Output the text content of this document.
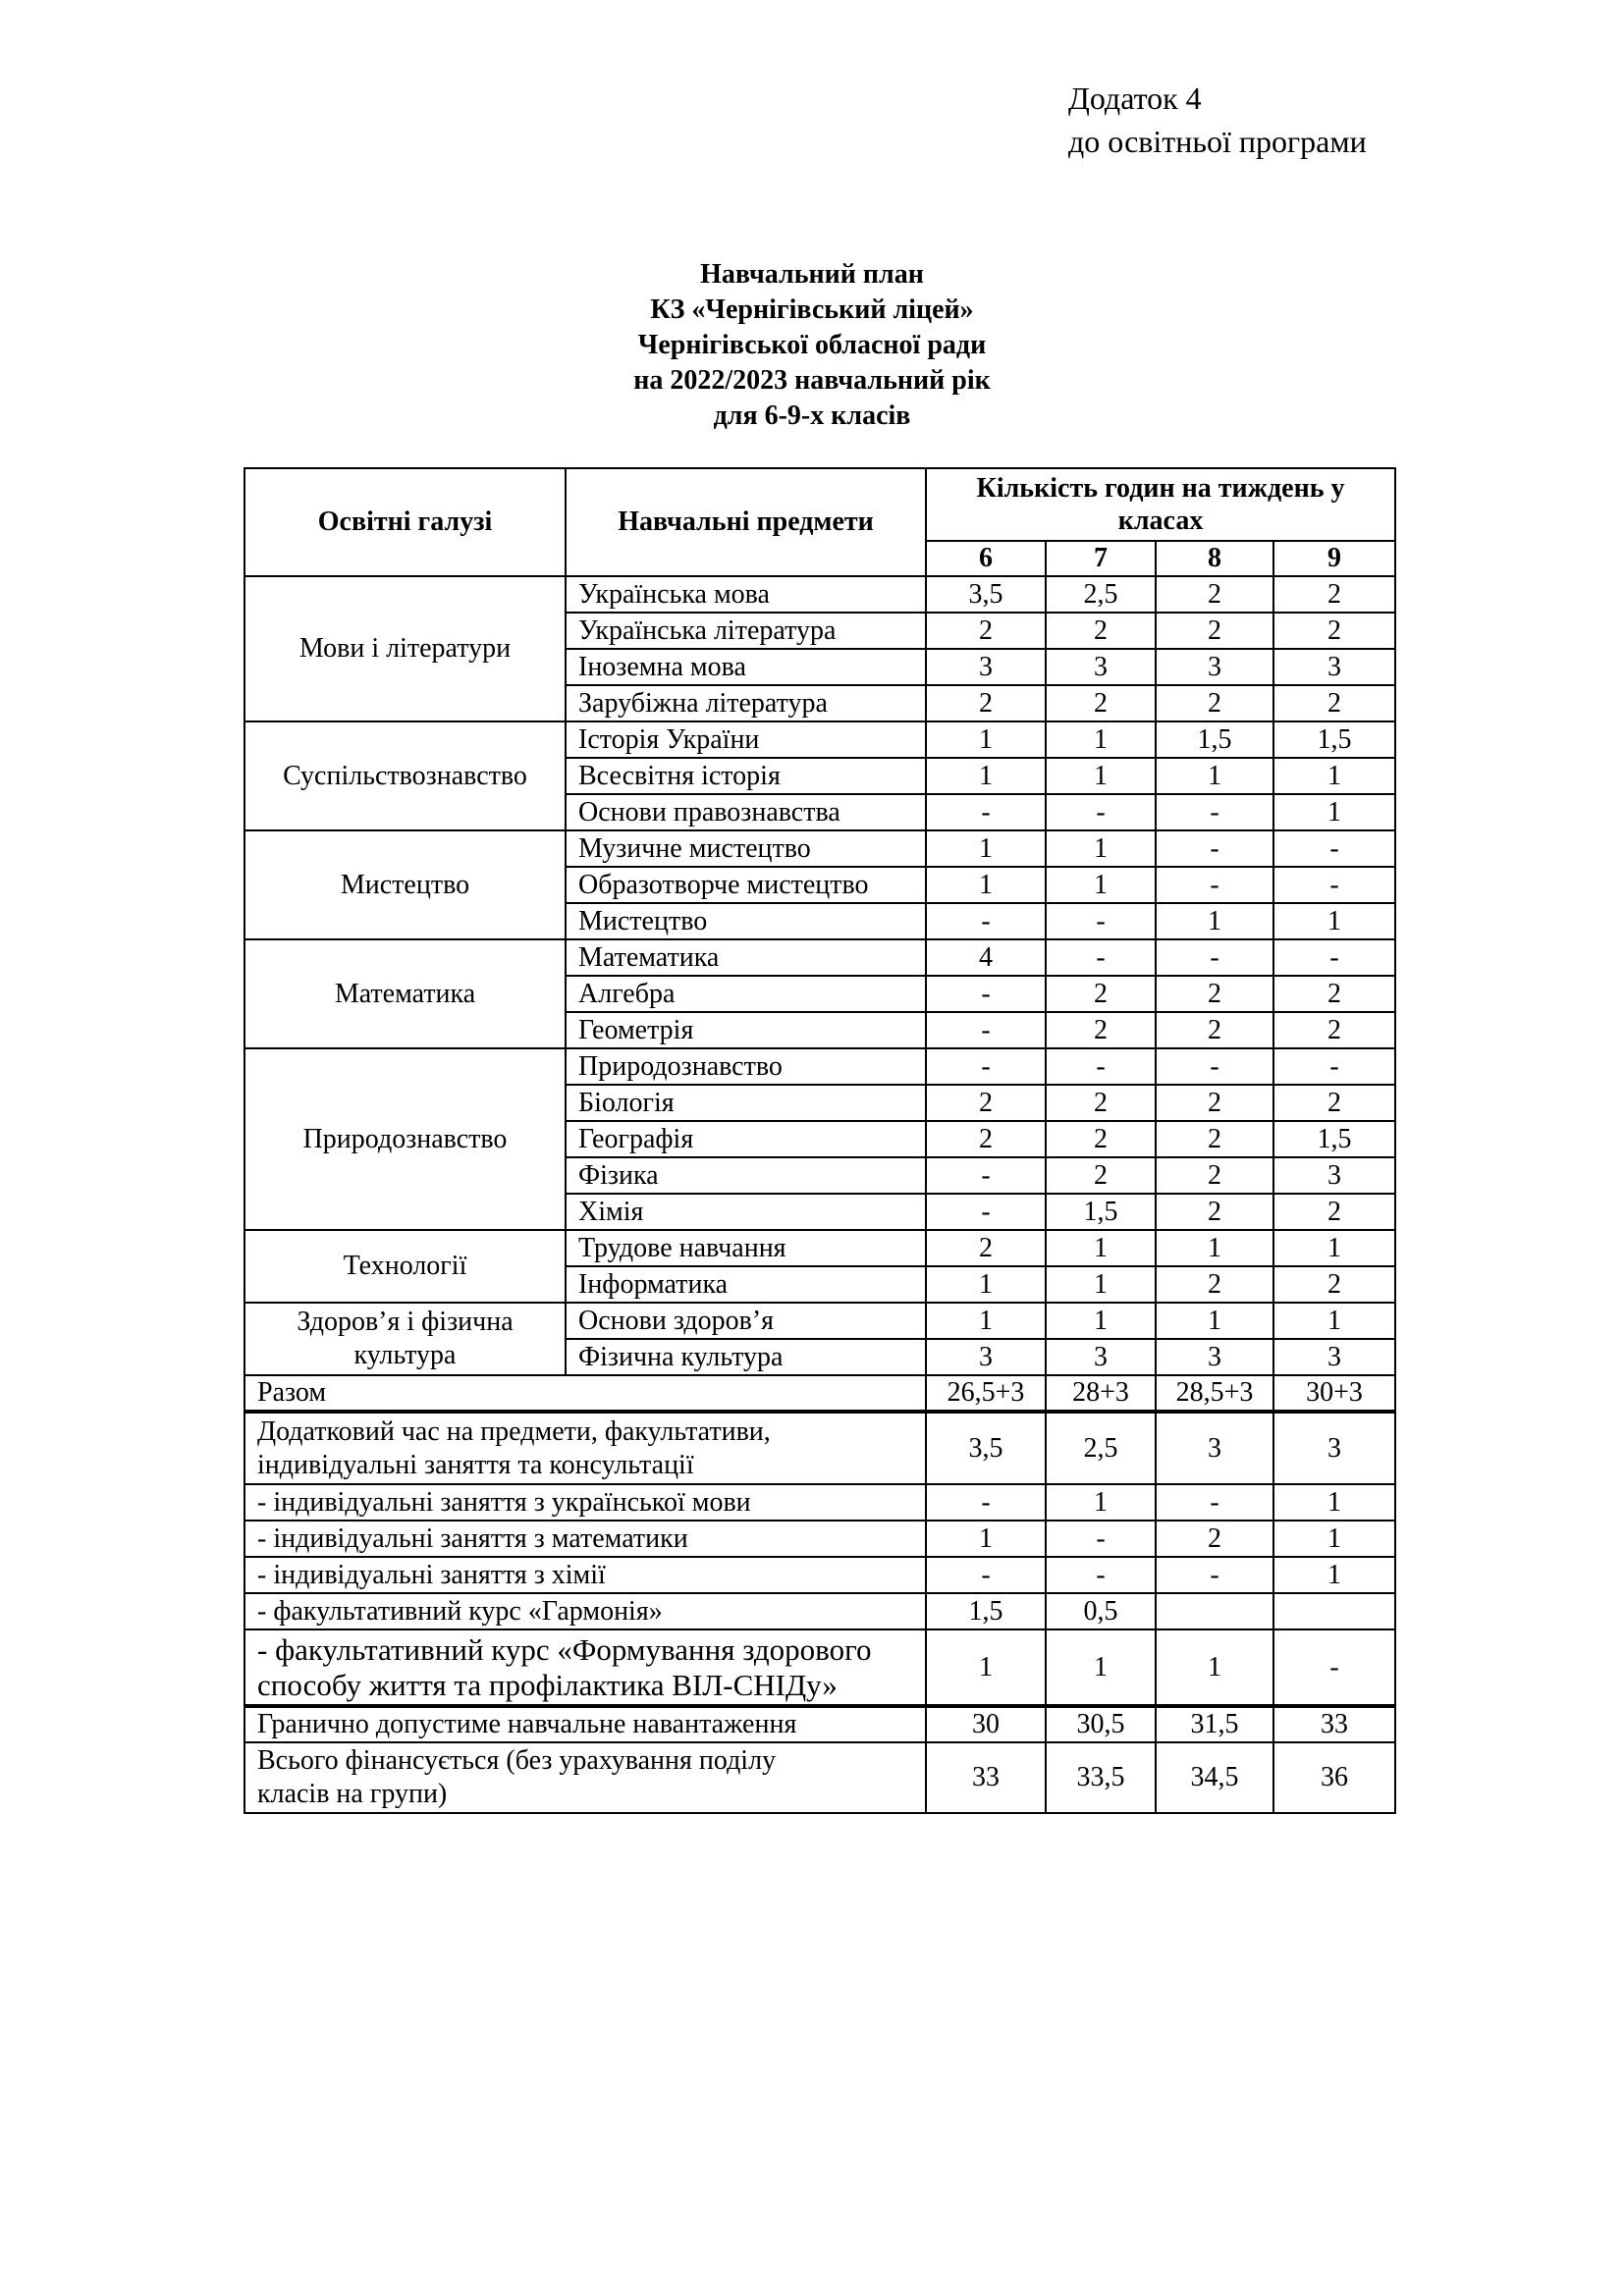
Додаток 4
до освітньої програми
Навчальний план
КЗ «Чернігівський ліцей»
Чернігівської обласної ради
на 2022/2023 навчальний рік
для 6-9-х класів
Освітні галузі	Навчальні предмети	Кількість годин на тиждень у класах			
		6	7	8	9
Мови і літератури	Українська мова	3,5	2,5	2	2
	Українська література	2	2	2	2
	Іноземна мова	3	3	3	3
	Зарубіжна література	2	2	2	2
Суспільствознавство	Історія України	1	1	1,5	1,5
	Всесвітня історія	1	1	1	1
	Основи правознавства	-	-	-	1
Мистецтво	Музичне мистецтво	1	1	-	-
	Образотворче мистецтво	1	1	-	-
	Мистецтво	-	-	1	1
Математика	Математика	4	-	-	-
	Алгебра	-	2	2	2
	Геометрія	-	2	2	2
Природознавство	Природознавство	-	-	-	-
	Біологія	2	2	2	2
	Географія	2	2	2	1,5
	Фізика	-	2	2	3
	Хімія	-	1,5	2	2
Технології	Трудове навчання	2	1	1	1
	Інформатика	1	1	2	2
Здоров’я і фізична культура	Основи здоров’я	1	1	1	1
	Фізична культура	3	3	3	3
Разом		26,5+3	28+3	28,5+3	30+3
Додатковий час на предмети, факультативи, індивідуальні заняття та консультації		3,5	2,5	3	3
- індивідуальні заняття з української мови		-	1	-	1
- індивідуальні заняття з математики		1	-	2	1
- індивідуальні заняття з хімії		-	-	-	1
- факультативний курс «Гармонія»		1,5	0,5		
- факультативний курс «Формування здорового способу життя та профілактика ВІЛ-СНІДу»		1	1	1	-
Гранично допустиме навчальне навантаження		30	30,5	31,5	33
Всього фінансується (без урахування поділу класів на групи)		33	33,5	34,5	36
